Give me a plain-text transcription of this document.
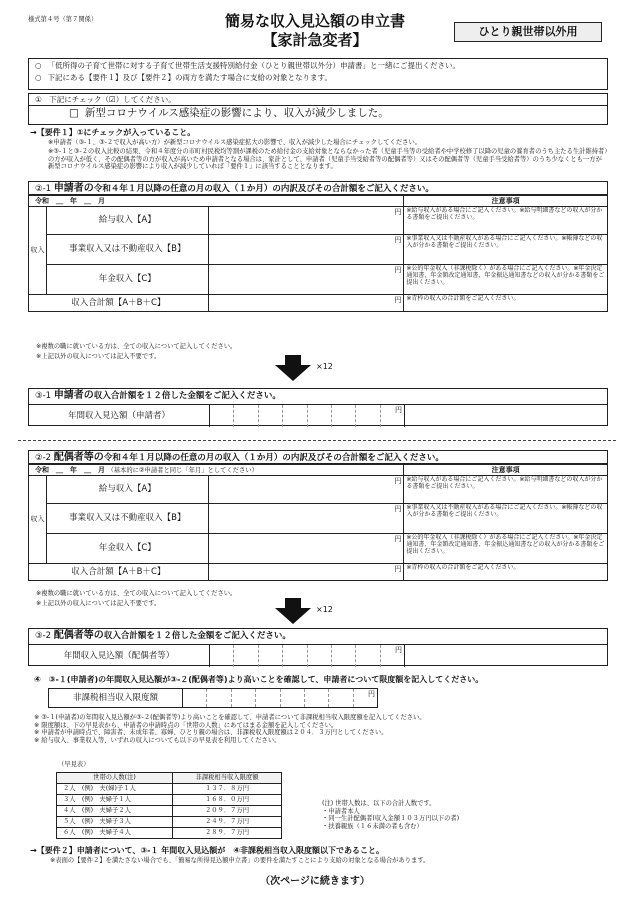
様式第４号（第７関係）	簡易な収入見込額の申立書
【家計急変者】	ひとり親世帯以外用
○ 「低所得の子育て世帯に対する子育て世帯生活支援特別給付金（ひとり親世帯以外分）申請書」と一緒にご提出ください。
○ 下記にある【要件１】及び【要件２】の両方を満たす場合に支給の対象となります。
①　下記にチェック（☑）してください。
□ 新型コロナウイルス感染症の影響により、収入が減少しました。
→【要件１】①にチェックが入っていること。
※申請者（③-１、③-２で収入が高い方）が新型コロナウイルス感染症拡大の影響で、収入が減少した場合にチェックしてください。
※③-１と③-２の収入比較の結果、令和４年度分の市町村民税均等割が課税のため給付金の支給対象とならなかった者（児童手当等の受給者や中学校修了以降の児童の養育者のうち主たる生計維持者）の方が収入が低く、その配偶者等の方が収入が高いため申請者となる場合は、家計として、申請者（児童手当受給者等の配偶者等）又はその配偶者等（児童手当受給者等）のうち少なくとも一方が新型コロナウイルス感染症の影響により収入が減少していれば「要件１」に該当することとなります。
②-1 申請者の令和４年１月以降の任意の月の収入（１か月）の内訳及びその合計額をご記入ください。
令和　＿　年　＿　月			注意事項
収入	給与収入【A】	円	※給与収入がある場合にご記入ください。※給与明細書などの収入が分かる書類をご提出ください。
	事業収入又は不動産収入【B】	円	※事業収入又は不動産収入がある場合にご記入ください。※帳簿などの収入が分かる書類をご提出ください。
	年金収入【C】	円	※公的年金収入（非課税除く）がある場合にご記入ください。※年金決定通知書、年金額改定通知書、年金振込通知書などの収入が分かる書類をご提出ください。
収入合計額【A＋B＋C】		円	※青枠の収入の合計額をご記入ください。
※複数の職に就いている方は、全ての収入について記入してください。
※上記以外の収入については記入不要です。
×12
③-1 申請者の収入合計額を１２倍した金額をご記入ください。
年間収入見込額（申請者）
円
②-2 配偶者等の令和４年１月以降の任意の月の収入（１か月）の内訳及びその合計額をご記入ください。
令和　＿　年　＿　月 （基本的に②申請者と同じ「年月」としてください）			注意事項
収入	給与収入【A】	円	※給与収入がある場合にご記入ください。※給与明細書などの収入が分かる書類をご提出ください。
	事業収入又は不動産収入【B】	円	※事業収入又は不動産収入がある場合にご記入ください。※帳簿などの収入が分かる書類をご提出ください。
	年金収入【C】	円	※公的年金収入（非課税除く）がある場合にご記入ください。※年金決定通知書、年金額改定通知書、年金振込通知書などの収入が分かる書類をご提出ください。
収入合計額【A＋B＋C】		円	※青枠の収入の合計額をご記入ください。
※複数の職に就いている方は、全ての収入について記入してください。
※上記以外の収入については記入不要です。
×12
③-2 配偶者等の収入合計額を１２倍した金額をご記入ください。
年間収入見込額（配偶者等）
円
④　③-１(申請者)の年間収入見込額が③-２(配偶者等)より高いことを確認して、申請者について限度額を記入してください。
非課税相当収入限度額	円
※ ③-１(申請者)の年間収入見込額が③-２(配偶者等)より高いことを確認して、申請者について非課税相当収入限度額を記入してください。
※ 限度額は、下の早見表から、申請者の申請時点の「世帯の人数」にあてはまる金額を記入してください。
※ 申請者が申請時点で、障害者、未成年者、寡婦、ひとり親の場合は、非課税収入限度額は２０４．３万円としてください。
※ 給与収入、事業収入等、いずれの収入についても以下の早見表を利用してください。
（早見表）
世帯の人数(注)	非課税相当収入限度額
２人　(例)　夫(婦)子１人	１３７．８万円
３人　(例)　夫婦子１人	１６８．０万円
４人　(例)　夫婦子２人	２０９．７万円
５人　(例)　夫婦子３人	２４９．７万円
６人　(例)　夫婦子４人	２８９．７万円
(注) 世帯人数は、以下の合計人数です。
・申請者本人
・同一生計配偶者(収入金額１０３万円以下の者)
・扶養親族（１６未満の者も含む）
→【要件２】申請者について、③-１ 年間収入見込額が　④非課税相当収入限度額以下であること。
※表面の【要件２】を満たさない場合でも、「簡易な所得見込額申立書」の要件を満たすことにより支給の対象となる場合があります。
（次ページに続きます）
